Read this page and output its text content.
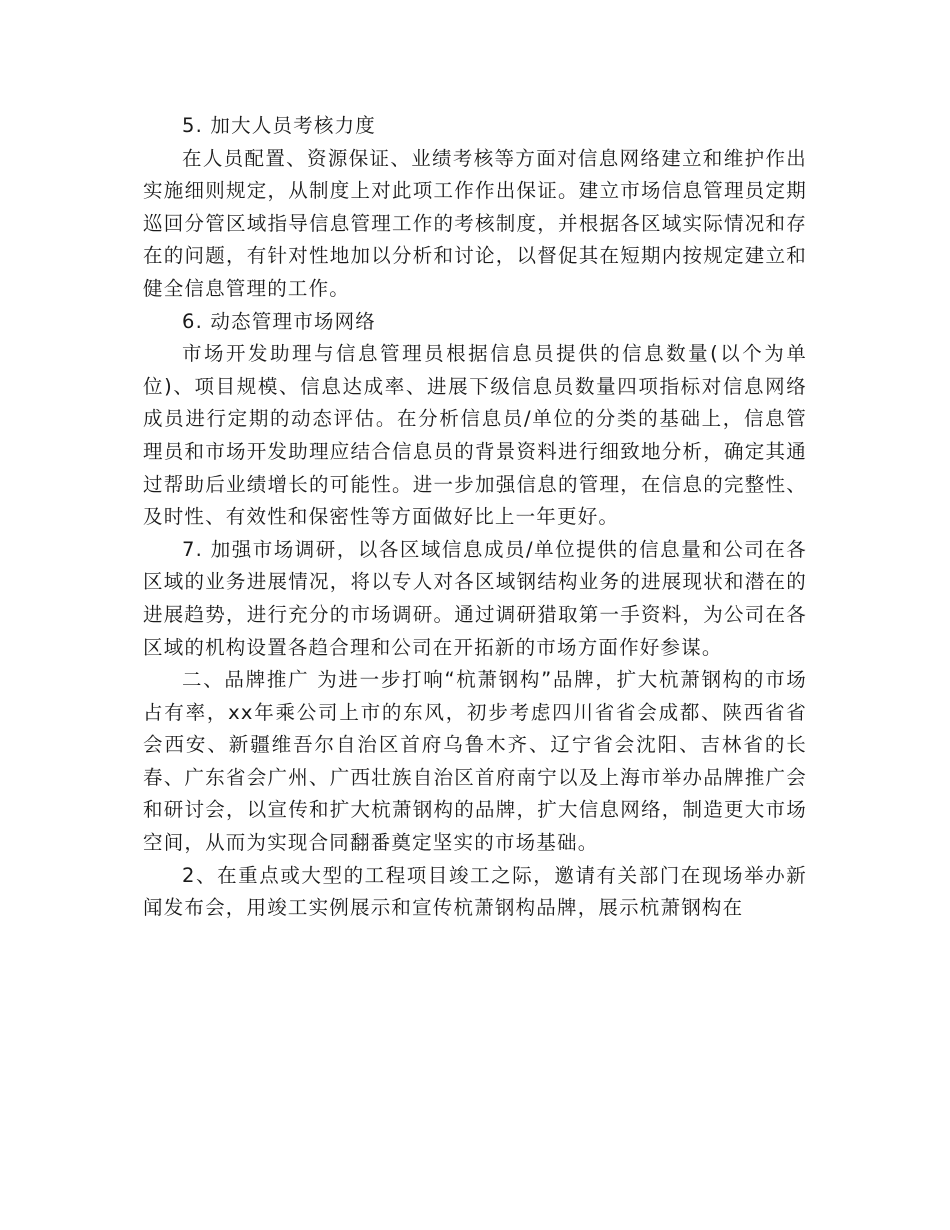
5. 加大人员考核力度

在人员配置、资源保证、业绩考核等方面对信息网络建立和维护作出实施细则规定，从制度上对此项工作作出保证。建立市场信息管理员定期巡回分管区域指导信息管理工作的考核制度，并根据各区域实际情况和存在的问题，有针对性地加以分析和讨论，以督促其在短期内按规定建立和健全信息管理的工作。

6. 动态管理市场网络

市场开发助理与信息管理员根据信息员提供的信息数量(以个为单位)、项目规模、信息达成率、进展下级信息员数量四项指标对信息网络成员进行定期的动态评估。在分析信息员/单位的分类的基础上，信息管理员和市场开发助理应结合信息员的背景资料进行细致地分析，确定其通过帮助后业绩增长的可能性。进一步加强信息的管理，在信息的完整性、及时性、有效性和保密性等方面做好比上一年更好。

7. 加强市场调研，以各区域信息成员/单位提供的信息量和公司在各区域的业务进展情况，将以专人对各区域钢结构业务的进展现状和潜在的进展趋势，进行充分的市场调研。通过调研猎取第一手资料，为公司在各区域的机构设置各趋合理和公司在开拓新的市场方面作好参谋。

二、品牌推广 为进一步打响“杭萧钢构”品牌，扩大杭萧钢构的市场占有率，xx年乘公司上市的东风，初步考虑四川省省会成都、陕西省省会西安、新疆维吾尔自治区首府乌鲁木齐、辽宁省会沈阳、吉林省的长春、广东省会广州、广西壮族自治区首府南宁以及上海市举办品牌推广会和研讨会，以宣传和扩大杭萧钢构的品牌，扩大信息网络，制造更大市场空间，从而为实现合同翻番奠定坚实的市场基础。

2、在重点或大型的工程项目竣工之际，邀请有关部门在现场举办新闻发布会，用竣工实例展示和宣传杭萧钢构品牌，展示杭萧钢构在
